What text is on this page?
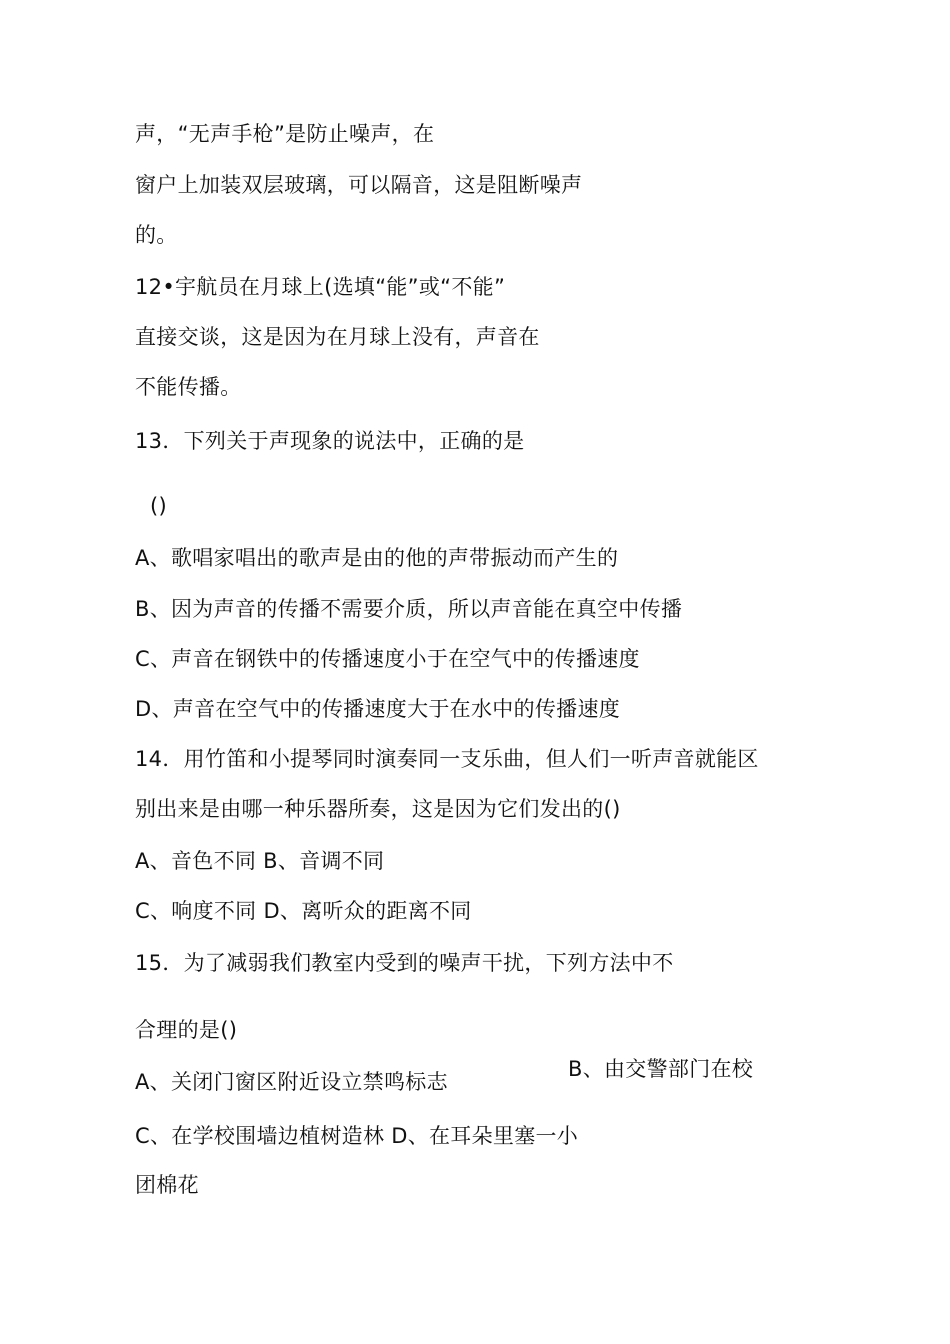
声，“无声手枪”是防止噪声，在
窗户上加装双层玻璃，可以隔音，这是阻断噪声
的。
12•宇航员在月球上(选填“能”或“不能”
直接交谈，这是因为在月球上没有，声音在
不能传播。
13．下列关于声现象的说法中，正确的是
()
A、歌唱家唱出的歌声是由的他的声带振动而产生的
B、因为声音的传播不需要介质，所以声音能在真空中传播
C、声音在钢铁中的传播速度小于在空气中的传播速度
D、声音在空气中的传播速度大于在水中的传播速度
14．用竹笛和小提琴同时演奏同一支乐曲，但人们一听声音就能区
别出来是由哪一种乐器所奏，这是因为它们发出的()
A、音色不同 B、音调不同
C、响度不同 D、离听众的距离不同
15．为了减弱我们教室内受到的噪声干扰，下列方法中不
合理的是()
B、由交警部门在校
A、关闭门窗区附近设立禁鸣标志
C、在学校围墙边植树造林 D、在耳朵里塞一小
团棉花
